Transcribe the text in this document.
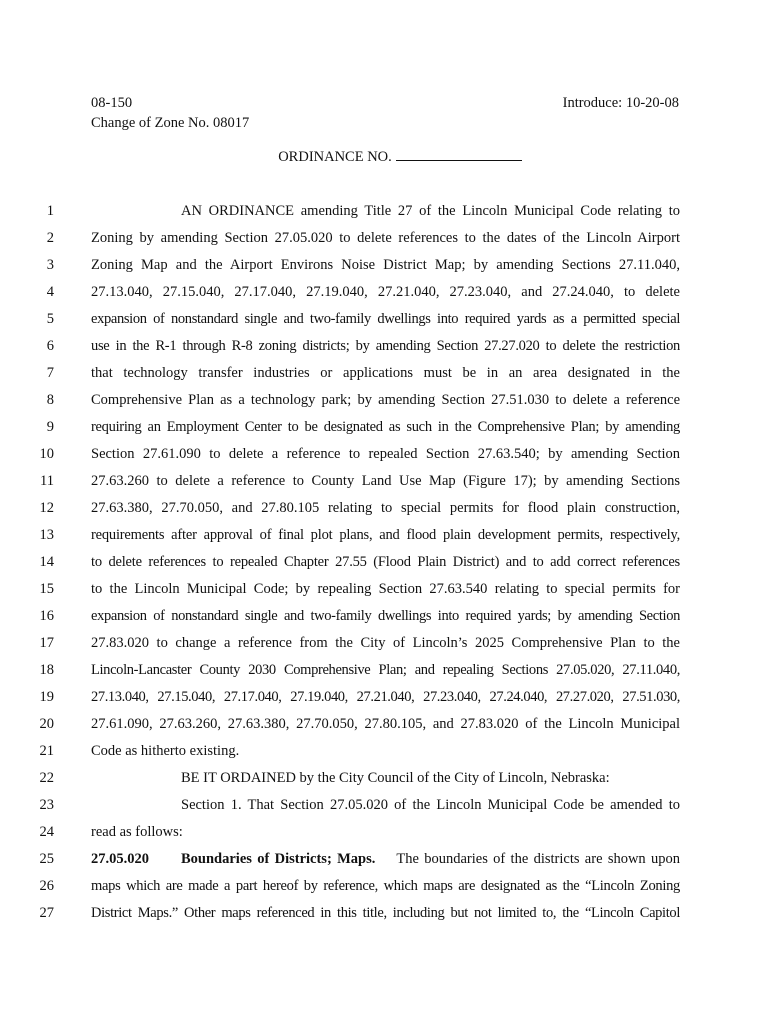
08-150
Change of Zone No. 08017
Introduce: 10-20-08
ORDINANCE NO.
1	AN ORDINANCE amending Title 27 of the Lincoln Municipal Code relating to
2	Zoning by amending Section 27.05.020 to delete references to the dates of the Lincoln Airport
3	Zoning Map and the Airport Environs Noise District Map; by amending Sections 27.11.040,
4	27.13.040, 27.15.040, 27.17.040, 27.19.040, 27.21.040, 27.23.040, and 27.24.040, to delete
5	expansion of nonstandard single and two-family dwellings into required yards as a permitted special
6	use in the R-1 through R-8 zoning districts; by amending Section 27.27.020 to delete the restriction
7	that technology transfer industries or applications must be in an area designated in the
8	Comprehensive Plan as a technology park; by amending Section 27.51.030 to delete a reference
9	requiring an Employment Center to be designated as such in the Comprehensive Plan; by amending
10	Section 27.61.090 to delete a reference to repealed Section 27.63.540; by amending Section
11	27.63.260 to delete a reference to County Land Use Map (Figure 17); by amending Sections
12	27.63.380, 27.70.050, and 27.80.105 relating to special permits for flood plain construction,
13	requirements after approval of final plot plans, and flood plain development permits, respectively,
14	to delete references to repealed Chapter 27.55 (Flood Plain District) and to add correct references
15	to the Lincoln Municipal Code; by repealing Section 27.63.540 relating to special permits for
16	expansion of nonstandard single and two-family dwellings into required yards; by amending Section
17	27.83.020 to change a reference from the City of Lincoln’s 2025 Comprehensive Plan to the
18	Lincoln-Lancaster County 2030 Comprehensive Plan; and repealing Sections 27.05.020, 27.11.040,
19	27.13.040, 27.15.040, 27.17.040, 27.19.040, 27.21.040, 27.23.040, 27.24.040, 27.27.020, 27.51.030,
20	27.61.090, 27.63.260, 27.63.380, 27.70.050, 27.80.105, and 27.83.020 of the Lincoln Municipal
21	Code as hitherto existing.
22	BE IT ORDAINED by the City Council of the City of Lincoln, Nebraska:
23	Section 1. That Section 27.05.020 of the Lincoln Municipal Code be amended to
24	read as follows:
25	27.05.020 Boundaries of Districts; Maps. The boundaries of the districts are shown upon
26	maps which are made a part hereof by reference, which maps are designated as the “Lincoln Zoning
27	District Maps.” Other maps referenced in this title, including but not limited to, the “Lincoln Capitol
